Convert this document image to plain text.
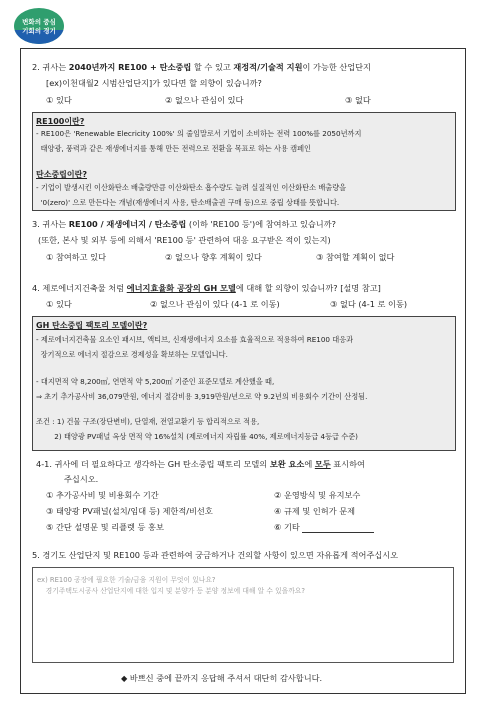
변화의 중심
기회의 경기
2. 귀사는 2040년까지 RE100 + 탄소중립 할 수 있고 재정적/기술적 지원이 가능한 산업단지
[ex)이천대월2 시범산업단지]가 있다면 할 의향이 있습니까?
① 있다	② 없으나 관심이 있다	③ 없다
RE100이란?
- RE100은 'Renewable Elecricity 100%' 의 줄임말로서 기업이 소비하는 전력 100%를 2050년까지
태양광, 풍력과 같은 재생에너지를 통해 만든 전력으로 전환을 목표로 하는 사용 캠페인
탄소중립이란?
- 기업이 발생시킨 이산화탄소 배출량만큼 이산화탄소 흡수량도 늘려 실질적인 이산화탄소 배출량을
'0(zero)' 으로 만든다는 개념(재생에너지 사용, 탄소배출권 구매 등)으로 중립 상태를 뜻합니다.
3. 귀사는 RE100 / 재생에너지 / 탄소중립 (이하 'RE100 등')에 참여하고 있습니까?
(또한, 본사 및 외부 등에 의해서 'RE100 등' 관련하여 대응 요구받은 적이 있는지)
① 참여하고 있다	② 없으나 향후 계획이 있다	③ 참여할 계획이 없다
4. 제로에너지건축물 처럼 에너지효율화 공장의 GH 모델에 대해 할 의향이 있습니까? [설명 참고]
① 있다	② 없으나 관심이 있다 (4-1 로 이동)	③ 없다 (4-1 로 이동)
GH 탄소중립 팩토리 모델이란?
- 제로에너지건축물 요소인 패시브, 액티브, 신재생에너지 요소를 효율적으로 적용하여 RE100 대응과
장기적으로 에너지 절감으로 경제성을 확보하는 모델입니다.
- 대지면적 약 8,200㎡, 연면적 약 5,200㎡ 기준인 표준모델로 계산했을 때,
⇒ 초기 추가공사비 36,079만원, 에너지 절감비용 3,919만원/년으로 약 9.2년의 비용회수 기간이 산정됨.
조건 : 1) 건물 구조(장단변비), 단열재, 전열교환기 등 합리적으로 적용,
2) 태양광 PV패널 옥상 면적 약 16%설치 (제로에너지 자립률 40%, 제로에너지등급 4등급 수준)
4-1. 귀사에 더 필요하다고 생각하는 GH 탄소중립 팩토리 모델의 보완 요소에 모두 표시하여
주십시오.
① 추가공사비 및 비용회수 기간
③ 태양광 PV패널(설치/임대 등) 제한적/비선호
⑤ 간단 설명문 및 리플렛 등 홍보
② 운영방식 및 유지보수
④ 규제 및 인허가 문제
⑥ 기타
5. 경기도 산업단지 및 RE100 등과 관련하여 궁금하거나 건의할 사항이 있으면 자유롭게 적어주십시오
ex) RE100 공장에 필요한 기술/금융 지원이 무엇이 있나요?
경기주택도시공사 산업단지에 대한 입지 및 분양가 등 분양 정보에 대해 알 수 있을까요?
◆ 바쁘신 중에 끝까지 응답해 주셔서 대단히 감사합니다.
